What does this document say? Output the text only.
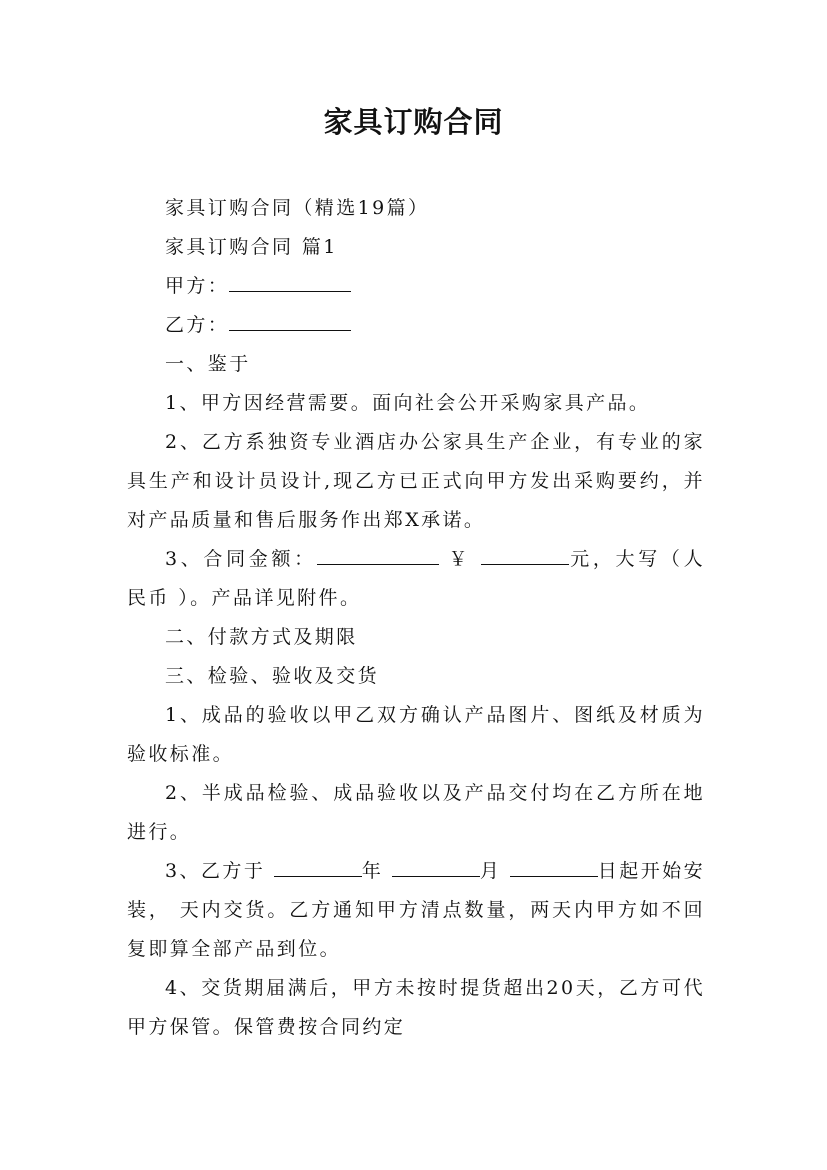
家具订购合同

家具订购合同（精选19篇）

家具订购合同 篇1

甲方：

乙方：

一、鉴于

1、甲方因经营需要。面向社会公开采购家具产品。

2、乙方系独资专业酒店办公家具生产企业，有专业的家具生产和设计员设计,现乙方已正式向甲方发出采购要约，并对产品质量和售后服务作出郑X承诺。

3、合同金额：	￥	元，大写（人民币 ）。产品详见附件。

二、付款方式及期限

三、检验、验收及交货

1、成品的验收以甲乙双方确认产品图片、图纸及材质为验收标准。

2、半成品检验、成品验收以及产品交付均在乙方所在地进行。

3、乙方于	年	月	日起开始安装， 天内交货。乙方通知甲方清点数量，两天内甲方如不回复即算全部产品到位。

4、交货期届满后，甲方未按时提货超出20天，乙方可代甲方保管。保管费按合同约定
